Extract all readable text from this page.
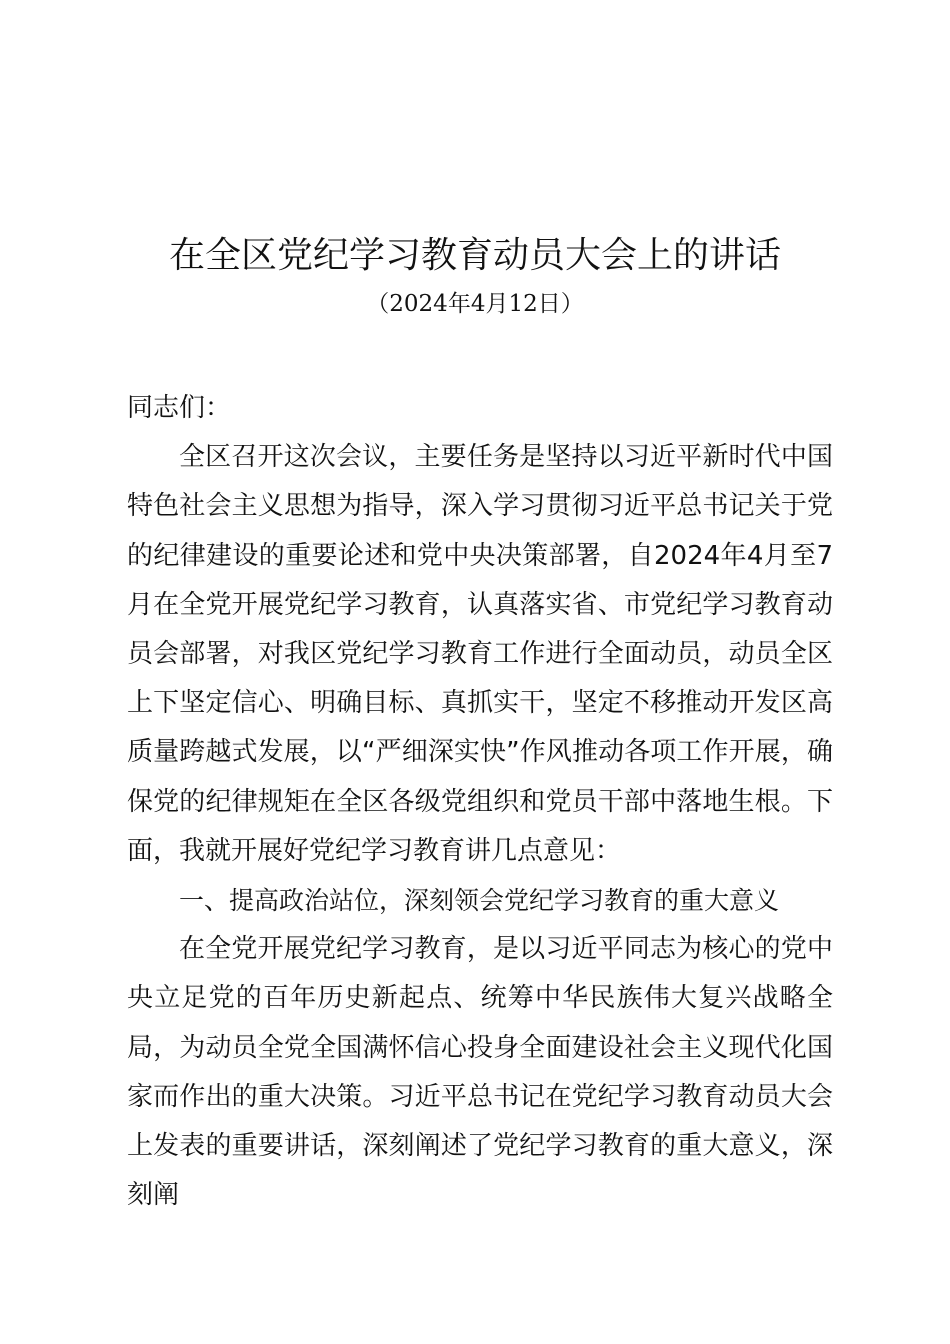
在全区党纪学习教育动员大会上的讲话
（2024年4月12日）

同志们：

全区召开这次会议，主要任务是坚持以习近平新时代中国特色社会主义思想为指导，深入学习贯彻习近平总书记关于党的纪律建设的重要论述和党中央决策部署，自2024年4月至7月在全党开展党纪学习教育，认真落实省、市党纪学习教育动员会部署，对我区党纪学习教育工作进行全面动员，动员全区上下坚定信心、明确目标、真抓实干，坚定不移推动开发区高质量跨越式发展，以“严细深实快”作风推动各项工作开展，确保党的纪律规矩在全区各级党组织和党员干部中落地生根。下面，我就开展好党纪学习教育讲几点意见：

一、提高政治站位，深刻领会党纪学习教育的重大意义

在全党开展党纪学习教育，是以习近平同志为核心的党中央立足党的百年历史新起点、统筹中华民族伟大复兴战略全局，为动员全党全国满怀信心投身全面建设社会主义现代化国家而作出的重大决策。习近平总书记在党纪学习教育动员大会上发表的重要讲话，深刻阐述了党纪学习教育的重大意义，深刻阐
